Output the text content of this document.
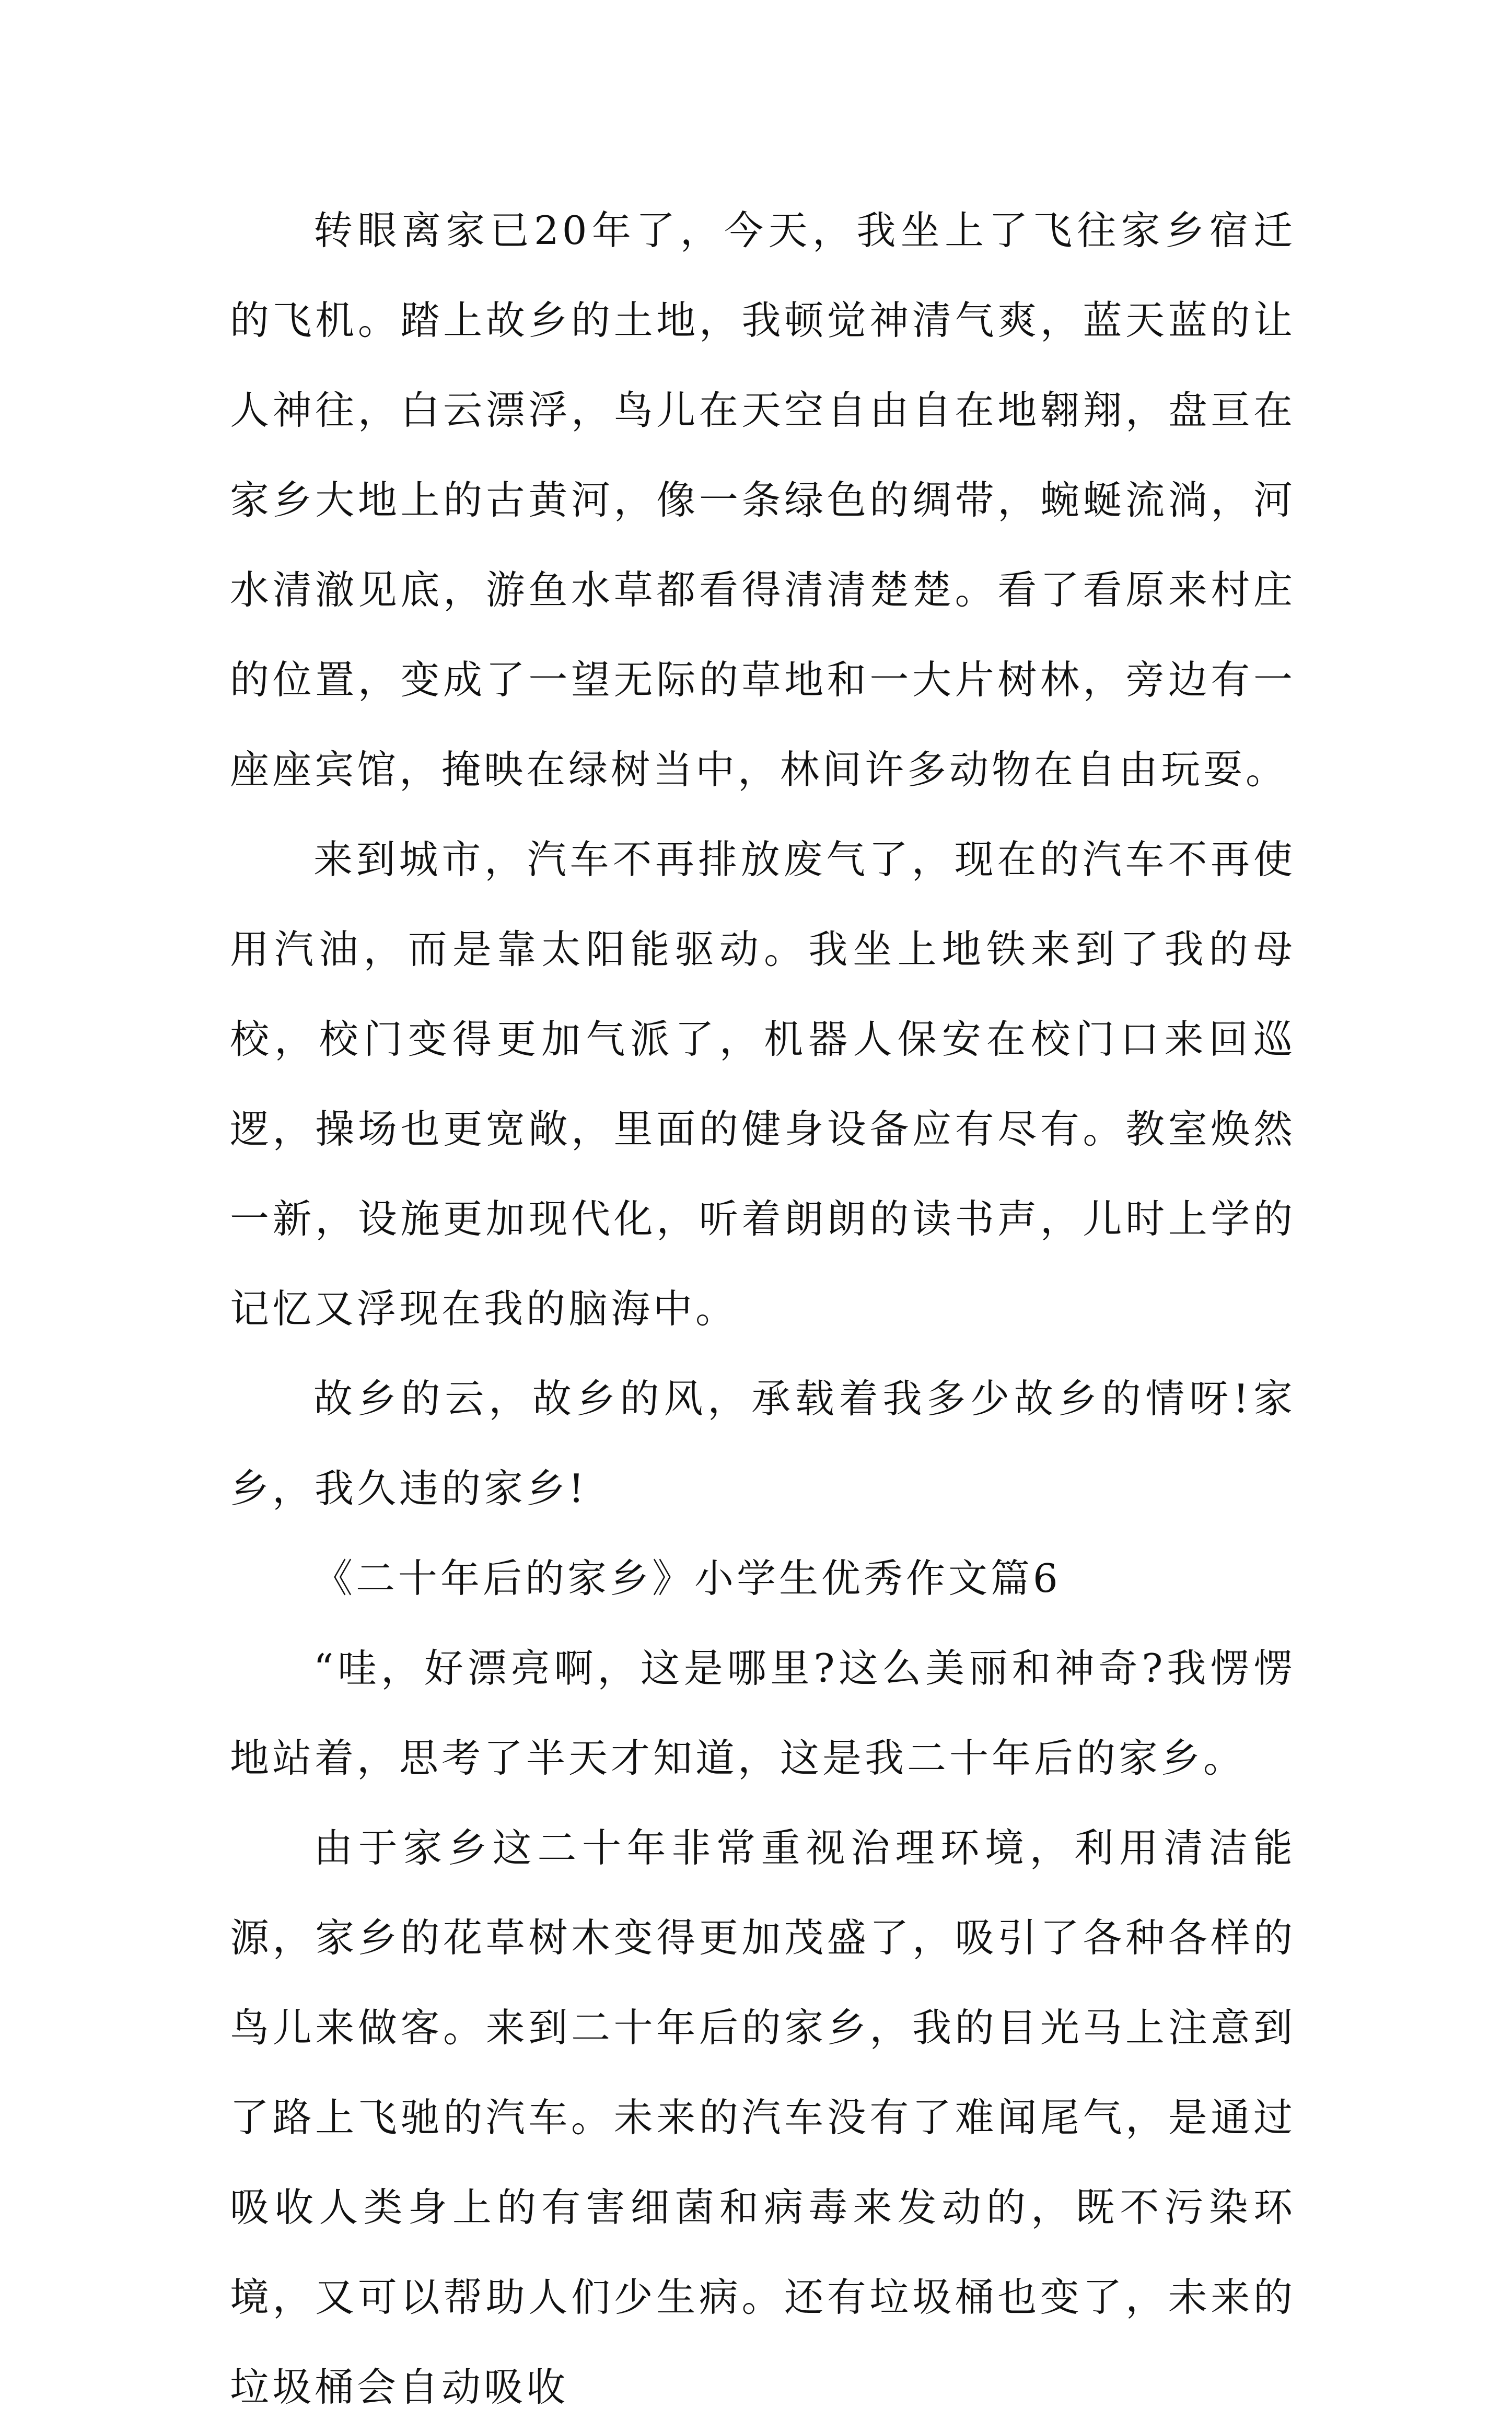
转眼离家已20年了，今天，我坐上了飞往家乡宿迁的飞机。踏上故乡的土地，我顿觉神清气爽，蓝天蓝的让人神往，白云漂浮，鸟儿在天空自由自在地翱翔，盘亘在家乡大地上的古黄河，像一条绿色的绸带，蜿蜒流淌，河水清澈见底，游鱼水草都看得清清楚楚。看了看原来村庄的位置，变成了一望无际的草地和一大片树林，旁边有一座座宾馆，掩映在绿树当中，林间许多动物在自由玩耍。

来到城市，汽车不再排放废气了，现在的汽车不再使用汽油，而是靠太阳能驱动。我坐上地铁来到了我的母校，校门变得更加气派了，机器人保安在校门口来回巡逻，操场也更宽敞，里面的健身设备应有尽有。教室焕然一新，设施更加现代化，听着朗朗的读书声，儿时上学的记忆又浮现在我的脑海中。

故乡的云，故乡的风，承载着我多少故乡的情呀!家乡，我久违的家乡!

《二十年后的家乡》小学生优秀作文篇6

“哇，好漂亮啊，这是哪里?这么美丽和神奇?我愣愣地站着，思考了半天才知道，这是我二十年后的家乡。

由于家乡这二十年非常重视治理环境，利用清洁能源，家乡的花草树木变得更加茂盛了，吸引了各种各样的鸟儿来做客。来到二十年后的家乡，我的目光马上注意到了路上飞驰的汽车。未来的汽车没有了难闻尾气，是通过吸收人类身上的有害细菌和病毒来发动的，既不污染环境，又可以帮助人们少生病。还有垃圾桶也变了，未来的垃圾桶会自动吸收
